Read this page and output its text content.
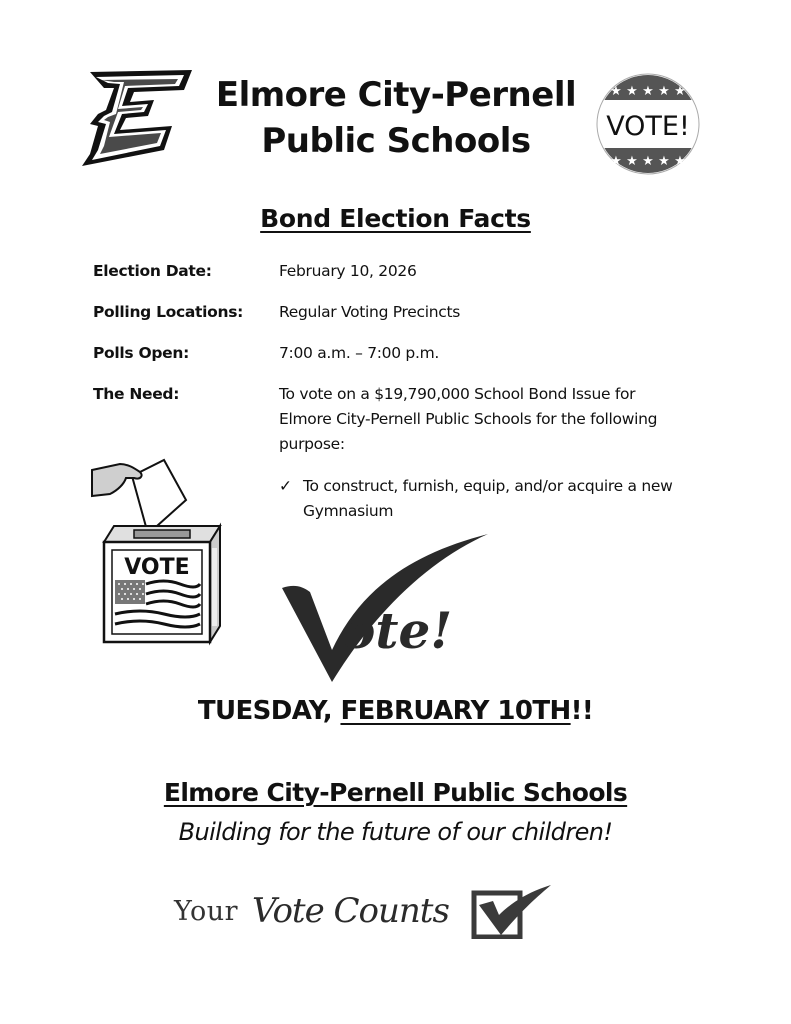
Elmore City-Pernell
Public Schools
★ ★ ★ ★ ★
★ ★ ★ ★ ★
VOTE!
Bond Election Facts
Election Date:	February 10, 2026
Polling Locations: Regular Voting Precincts
Polls Open:	7:00 a.m. – 7:00 p.m.
The Need:	To vote on a $19,790,000 School Bond Issue for Elmore City-Pernell Public Schools for the following purpose:
✓ To construct, furnish, equip, and/or acquire a new Gymnasium
VOTE
ote!
TUESDAY, FEBRUARY 10TH!!
Elmore City-Pernell Public Schools
Building for the future of our children!
Your Vote Counts
